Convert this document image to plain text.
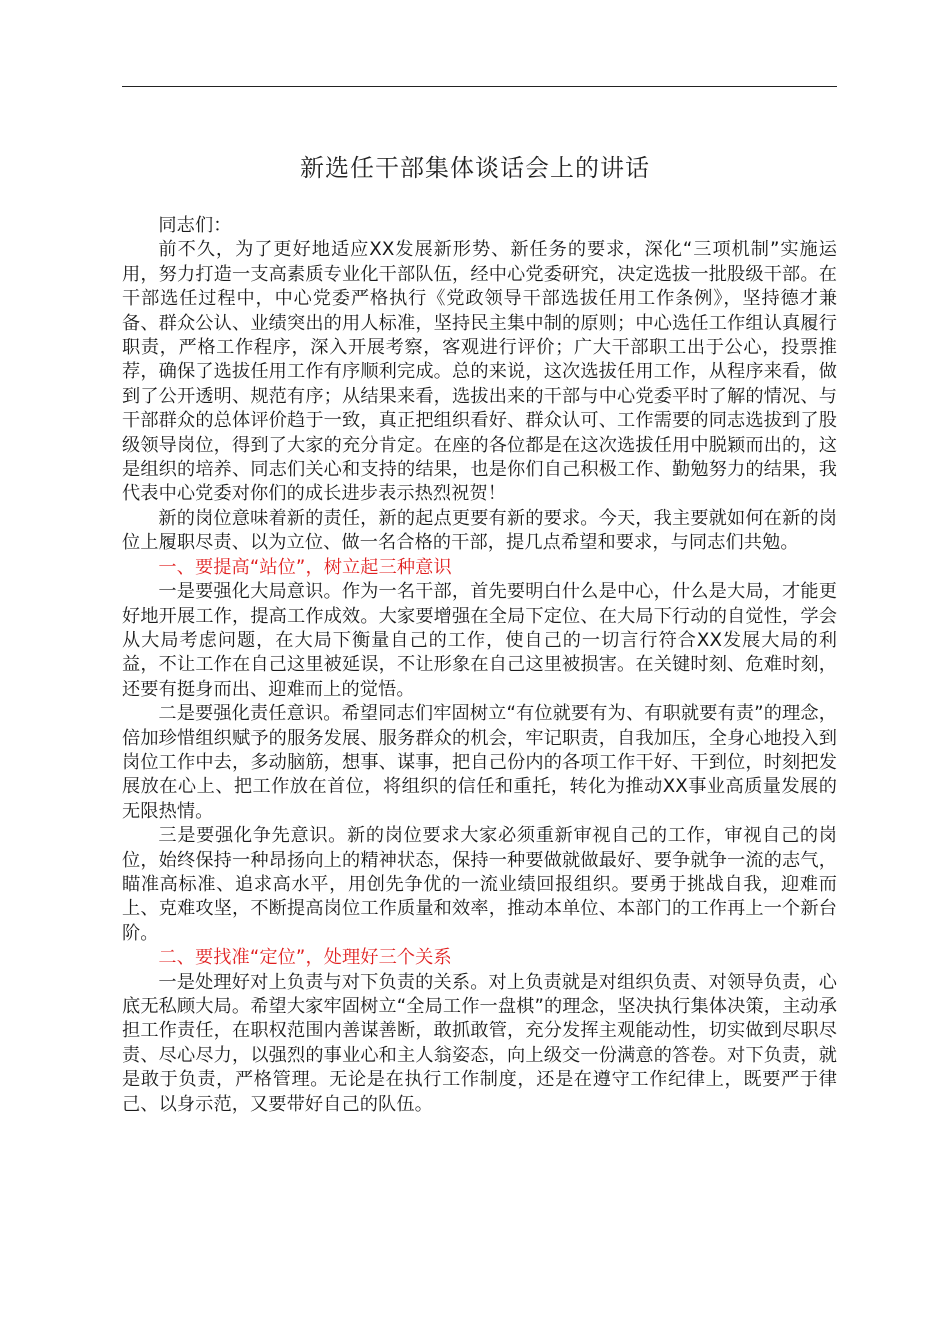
新选任干部集体谈话会上的讲话

同志们：

前不久，为了更好地适应XX发展新形势、新任务的要求，深化“三项机制”实施运用，努力打造一支高素质专业化干部队伍，经中心党委研究，决定选拔一批股级干部。在干部选任过程中，中心党委严格执行《党政领导干部选拔任用工作条例》，坚持德才兼备、群众公认、业绩突出的用人标准，坚持民主集中制的原则；中心选任工作组认真履行职责，严格工作程序，深入开展考察，客观进行评价；广大干部职工出于公心，投票推荐，确保了选拔任用工作有序顺利完成。总的来说，这次选拔任用工作，从程序来看，做到了公开透明、规范有序；从结果来看，选拔出来的干部与中心党委平时了解的情况、与干部群众的总体评价趋于一致，真正把组织看好、群众认可、工作需要的同志选拔到了股级领导岗位，得到了大家的充分肯定。在座的各位都是在这次选拔任用中脱颖而出的，这是组织的培养、同志们关心和支持的结果，也是你们自己积极工作、勤勉努力的结果，我代表中心党委对你们的成长进步表示热烈祝贺！

新的岗位意味着新的责任，新的起点更要有新的要求。今天，我主要就如何在新的岗位上履职尽责、以为立位、做一名合格的干部，提几点希望和要求，与同志们共勉。

一、要提高“站位”，树立起三种意识

一是要强化大局意识。作为一名干部，首先要明白什么是中心，什么是大局，才能更好地开展工作，提高工作成效。大家要增强在全局下定位、在大局下行动的自觉性，学会从大局考虑问题，在大局下衡量自己的工作，使自己的一切言行符合XX发展大局的利益，不让工作在自己这里被延误，不让形象在自己这里被损害。在关键时刻、危难时刻，还要有挺身而出、迎难而上的觉悟。

二是要强化责任意识。希望同志们牢固树立“有位就要有为、有职就要有责”的理念，倍加珍惜组织赋予的服务发展、服务群众的机会，牢记职责，自我加压，全身心地投入到岗位工作中去，多动脑筋，想事、谋事，把自己份内的各项工作干好、干到位，时刻把发展放在心上、把工作放在首位，将组织的信任和重托，转化为推动XX事业高质量发展的无限热情。

三是要强化争先意识。新的岗位要求大家必须重新审视自己的工作，审视自己的岗位，始终保持一种昂扬向上的精神状态，保持一种要做就做最好、要争就争一流的志气，瞄准高标准、追求高水平，用创先争优的一流业绩回报组织。要勇于挑战自我，迎难而上、克难攻坚，不断提高岗位工作质量和效率，推动本单位、本部门的工作再上一个新台阶。

二、要找准“定位”，处理好三个关系

一是处理好对上负责与对下负责的关系。对上负责就是对组织负责、对领导负责，心底无私顾大局。希望大家牢固树立“全局工作一盘棋”的理念，坚决执行集体决策，主动承担工作责任，在职权范围内善谋善断，敢抓敢管，充分发挥主观能动性，切实做到尽职尽责、尽心尽力，以强烈的事业心和主人翁姿态，向上级交一份满意的答卷。对下负责，就是敢于负责，严格管理。无论是在执行工作制度，还是在遵守工作纪律上，既要严于律己、以身示范，又要带好自己的队伍。
